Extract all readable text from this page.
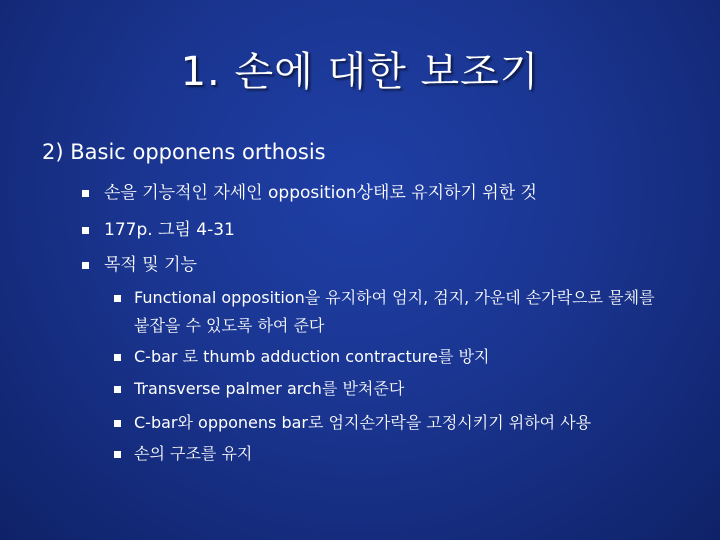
1. 손에 대한 보조기
2) Basic opponens orthosis
손을 기능적인 자세인 opposition상태로 유지하기 위한 것
177p. 그림 4-31
목적 및 기능
Functional opposition을 유지하여 엄지, 검지, 가운데 손가락으로 물체를 붙잡을 수 있도록 하여 준다
C-bar 로 thumb adduction contracture를 방지
Transverse palmer arch를 받쳐준다
C-bar와 opponens bar로 엄지손가락을 고정시키기 위하여 사용
손의 구조를 유지
